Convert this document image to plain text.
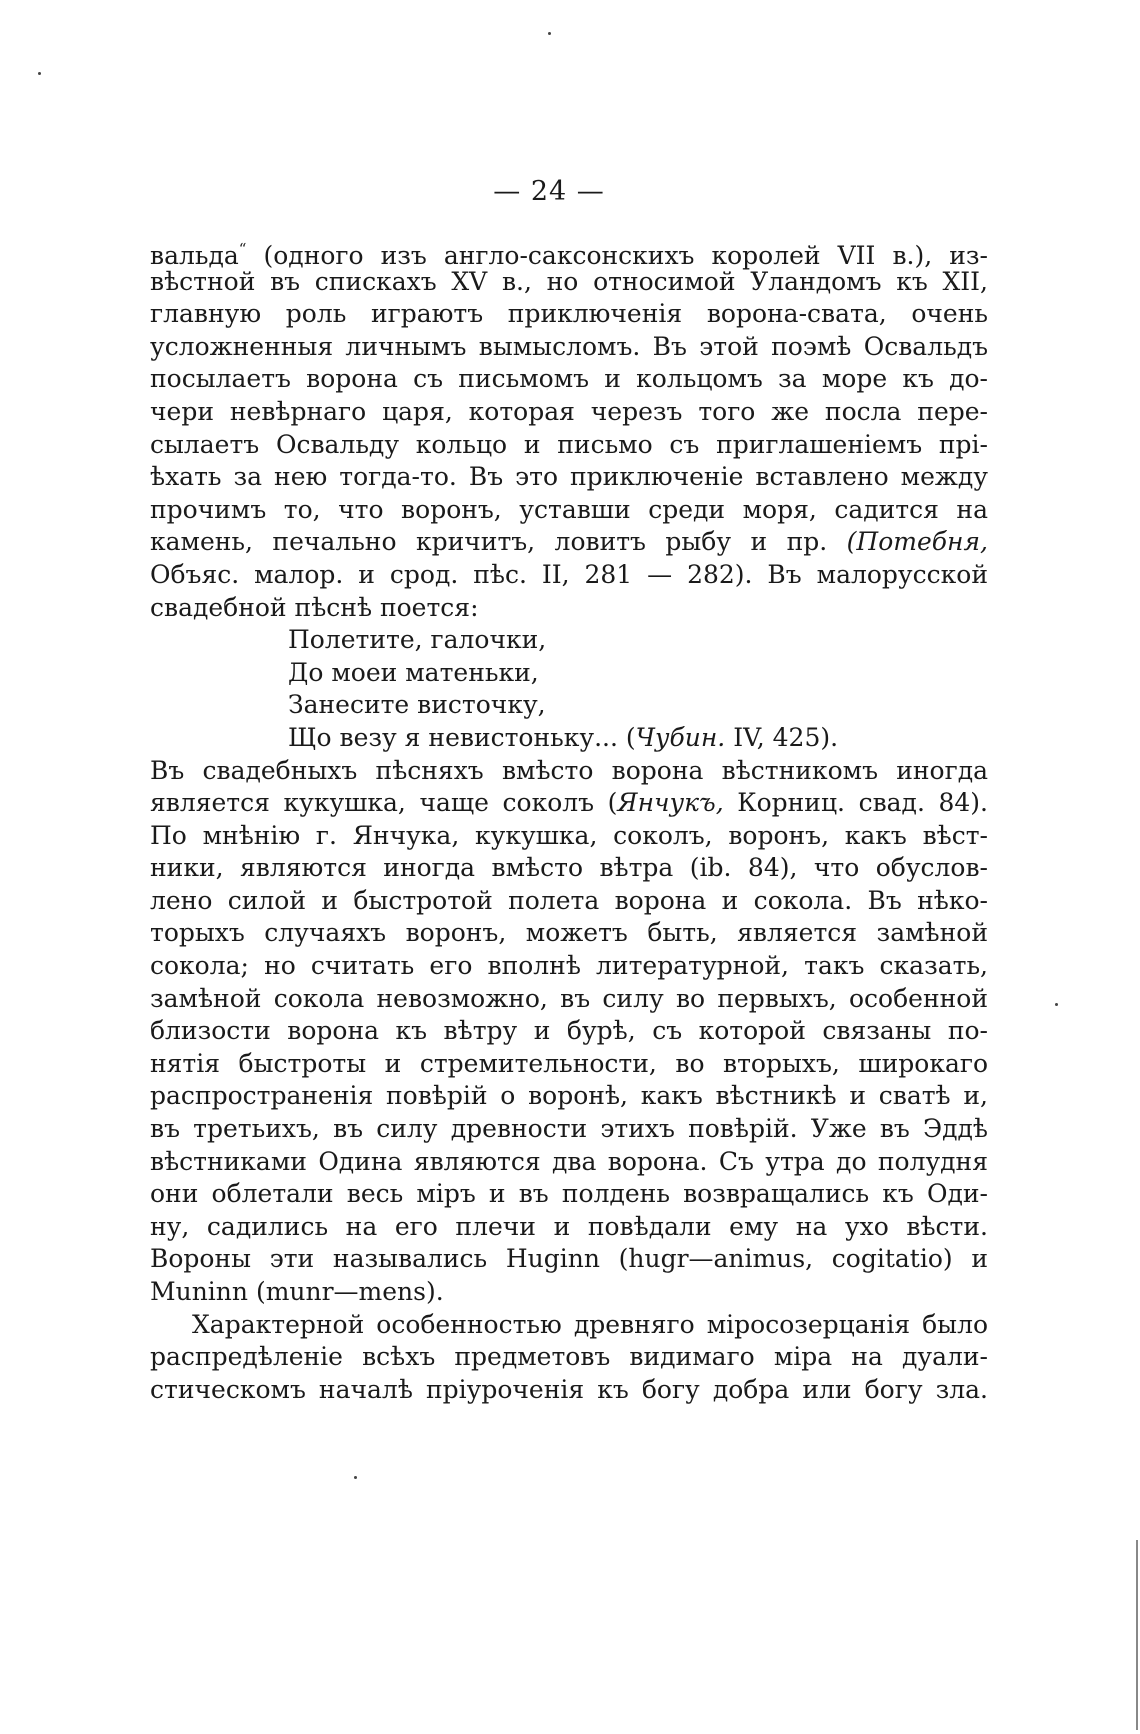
— 24 —
вальда“ (одного изъ англо-саксонскихъ королей VII в.), из-
вѣстной въ спискахъ XV в., но относимой Уландомъ къ XII,
главную роль играютъ приключенія ворона-свата, очень
усложненныя личнымъ вымысломъ. Въ этой поэмѣ Освальдъ
посылаетъ ворона съ письмомъ и кольцомъ за море къ до-
чери невѣрнаго царя, которая черезъ того же посла пере-
сылаетъ Освальду кольцо и письмо съ приглашеніемъ прі-
ѣхать за нею тогда-то. Въ это приключеніе вставлено между
прочимъ то, что воронъ, уставши среди моря, садится на
камень, печально кричитъ, ловитъ рыбу и пр. (Потебня,
Объяс. малор. и срод. пѣс. II, 281 — 282). Въ малорусской
свадебной пѣснѣ поется:
Полетите, галочки,
До моеи матеньки,
Занесите висточку,
Що везу я невистоньку... (Чубин. IV, 425).
Въ свадебныхъ пѣсняхъ вмѣсто ворона вѣстникомъ иногда
является кукушка, чаще соколъ (Янчукъ, Корниц. свад. 84).
По мнѣнію г. Янчука, кукушка, соколъ, воронъ, какъ вѣст-
ники, являются иногда вмѣсто вѣтра (ib. 84), что обуслов-
лено силой и быстротой полета ворона и сокола. Въ нѣко-
торыхъ случаяхъ воронъ, можетъ быть, является замѣной
сокола; но считать его вполнѣ литературной, такъ сказать,
замѣной сокола невозможно, въ силу во первыхъ, особенной
близости ворона къ вѣтру и бурѣ, съ которой связаны по-
нятія быстроты и стремительности, во вторыхъ, широкаго
распространенія повѣрій о воронѣ, какъ вѣстникѣ и сватѣ и,
въ третьихъ, въ силу древности этихъ повѣрій. Уже въ Эддѣ
вѣстниками Одина являются два ворона. Съ утра до полудня
они облетали весь міръ и въ полдень возвращались къ Оди-
ну, садились на его плечи и повѣдали ему на ухо вѣсти.
Вороны эти назывались Huginn (hugr—animus, cogitatio) и
Muninn (munr—mens).
Характерной особенностью древняго міросозерцанія было
распредѣленіе всѣхъ предметовъ видимаго міра на дуали-
стическомъ началѣ пріуроченія къ богу добра или богу зла.
